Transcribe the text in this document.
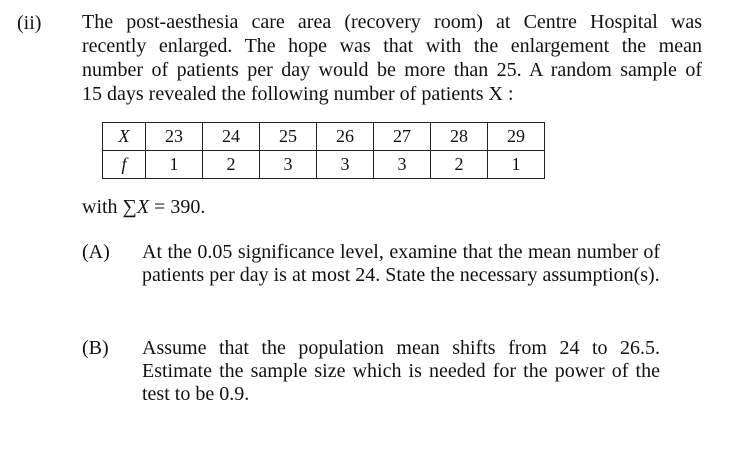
(ii) The post-aesthesia care area (recovery room) at Centre Hospital was
recently enlarged. The hope was that with the enlargement the mean
number of patients per day would be more than 25. A random sample of
15 days revealed the following number of patients X :
X	23	24	25	26	27	28	29
f	1	2	3	3	3	2	1
with ∑X = 390.
(A) At the 0.05 significance level, examine that the mean number of
patients per day is at most 24. State the necessary assumption(s).
(B) Assume that the population mean shifts from 24 to 26.5.
Estimate the sample size which is needed for the power of the
test to be 0.9.
